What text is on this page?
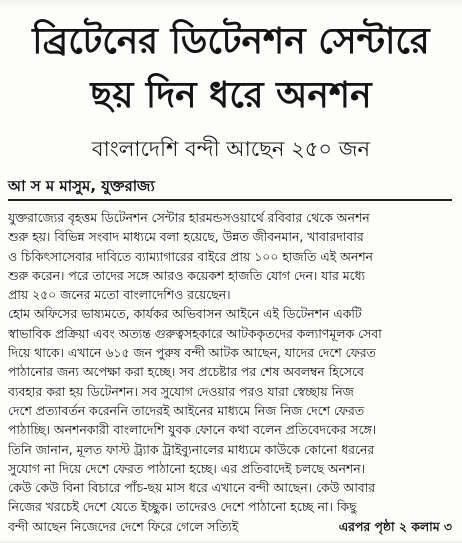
ব্রিটেনের ডিটেনশন সেন্টারে
ছয় দিন ধরে অনশন
বাংলাদেশি বন্দী আছেন ২৫০ জন
আ স ম মাসুম, যুক্তরাজ্য
যুক্তরাজ্যের বৃহত্তম ডিটেনশন সেন্টার হারমন্ডসওয়ার্থে রবিবার থেকে অনশন
শুরু হয়। বিভিন্ন সংবাদ মাধ্যমে বলা হয়েছে, উন্নত জীবনমান, খাবারদাবার
ও চিকিৎসাসেবার দাবিতে ব্যাম্যাগারের বাইরে প্রায় ১০০ হাজতি এই অনশন
শুরু করেন। পরে তাদের সঙ্গে আরও কয়েকশ হাজতি যোগ দেন। যার মধ্যে
প্রায় ২৫০ জনের মতো বাংলাদেশিও রয়েছেন।
হোম অফিসের ভাষ্যমতে, কার্যকর অভিবাসন আইনে এই ডিটেনশন একটি
স্বাভাবিক প্রক্রিয়া এবং অত্যন্ত গুরুত্বসহকারে আটককৃতদের কল্যাণমূলক সেবা
দিয়ে থাকে। এখানে ৬১৫ জন পুরুষ বন্দী আটক আছেন, যাদের দেশে ফেরত
পাঠানোর জন্য অপেক্ষা করা হচ্ছে। সব প্রচেষ্টার পর শেষ অবলম্বন হিসেবে
ব্যবহার করা হয় ডিটেনশন। সব সুযোগ দেওয়ার পরও যারা স্বেচ্ছায় নিজ
দেশে প্রত্যাবর্তন করেননি তাদেরই আইনের মাধ্যমে নিজ নিজ দেশে ফেরত
পাঠাচ্ছি। অনশনকারী বাংলাদেশি যুবক ফোনে কথা বলেন প্রতিবেদকের সঙ্গে।
তিনি জানান, মূলত ফাস্ট ট্র্যাক ট্রাইব্যুনালের মাধ্যমে কাউকে কোনো ধরনের
সুযোগ না দিয়ে দেশে ফেরত পাঠানো হচ্ছে। এর প্রতিবাদেই চলছে অনশন।
কেউ কেউ বিনা বিচারে পাঁচ-ছয় মাস ধরে এখানে বন্দী আছেন। কেউ আবার
নিজের খরচেই দেশে যেতে ইচ্ছুক। তাদেরও দেশে পাঠানো হচ্ছে না। কিছু
বন্দী আছেন নিজেদের দেশে ফিরে গেলে সত্যিই	এরপর পৃষ্ঠা ২ কলাম ৩
